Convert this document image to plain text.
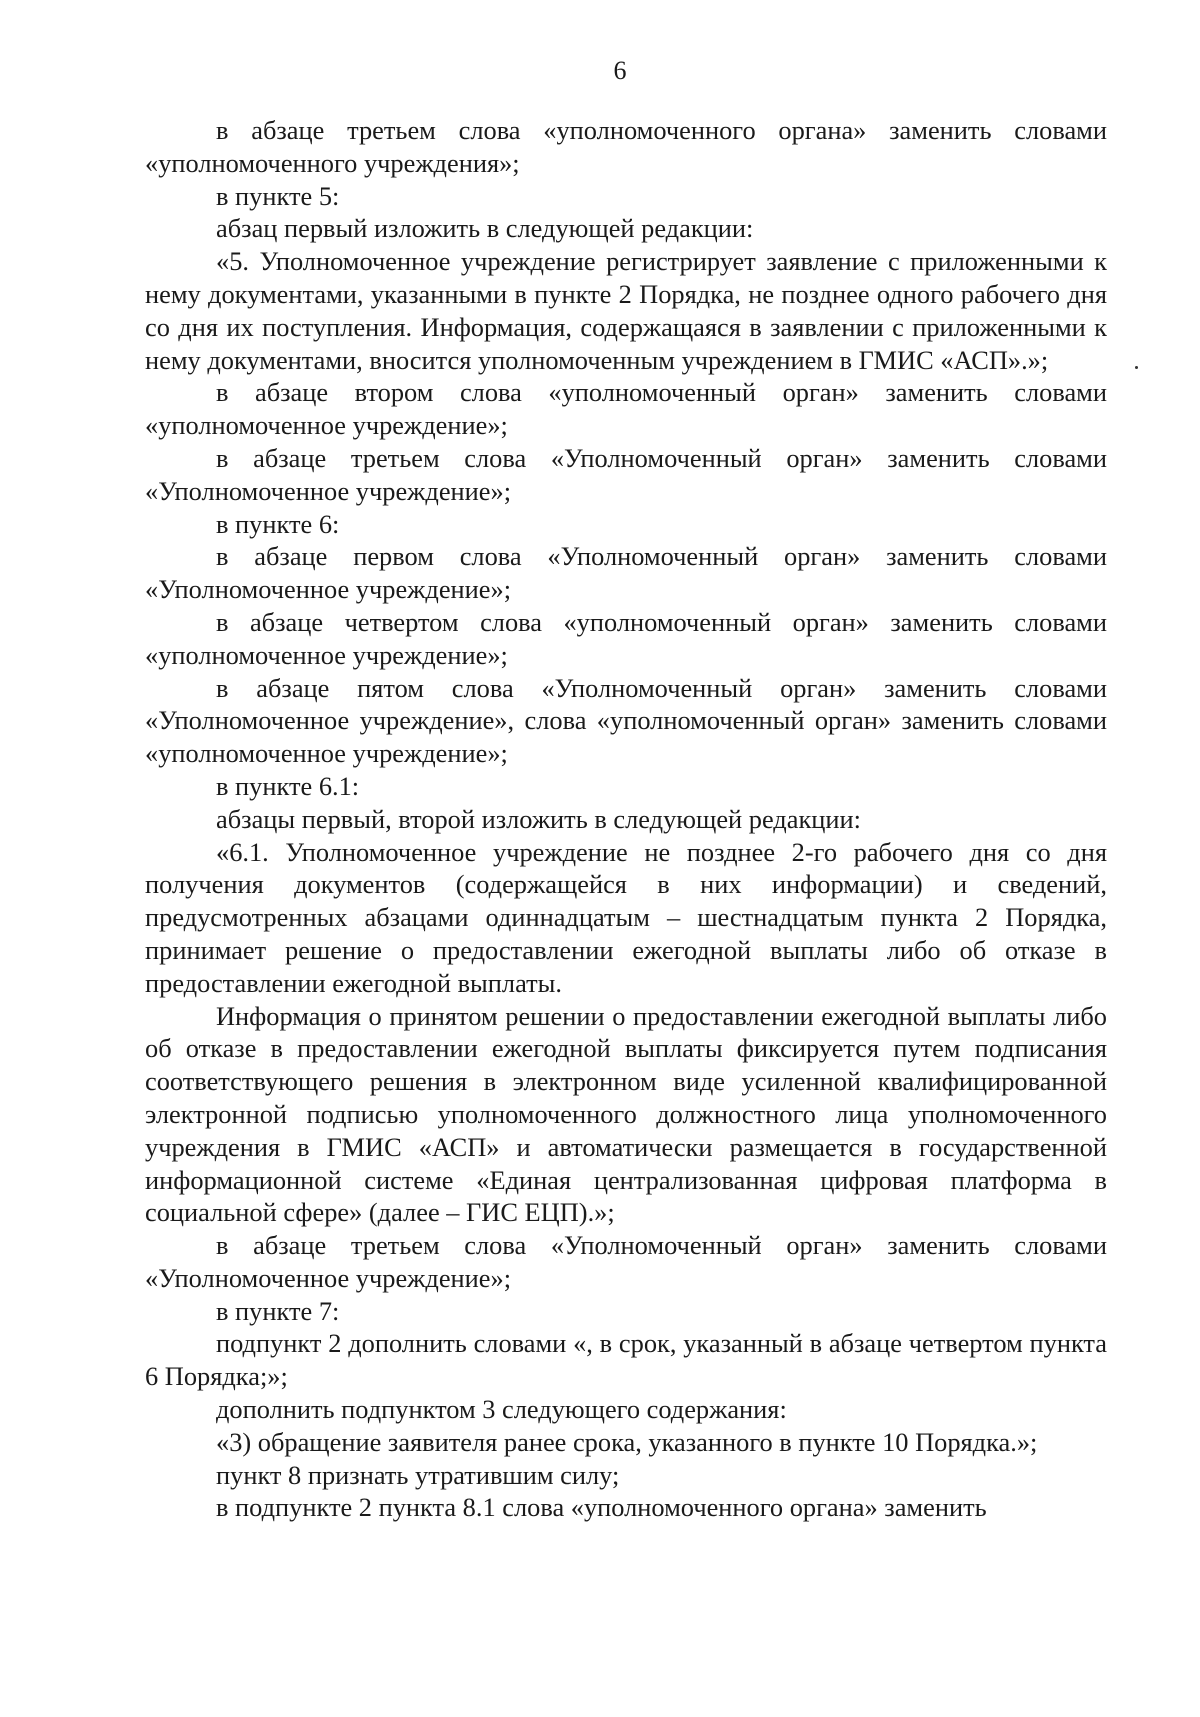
6

в абзаце третьем слова «уполномоченного органа» заменить словами «уполномоченного учреждения»;

в пункте 5:

абзац первый изложить в следующей редакции:

«5. Уполномоченное учреждение регистрирует заявление с приложенными к нему документами, указанными в пункте 2 Порядка, не позднее одного рабочего дня со дня их поступления. Информация, содержащаяся в заявлении с приложенными к нему документами, вносится уполномоченным учреждением в ГМИС «АСП».»;

в абзаце втором слова «уполномоченный орган» заменить словами «уполномоченное учреждение»;

в абзаце третьем слова «Уполномоченный орган» заменить словами «Уполномоченное учреждение»;

в пункте 6:

в абзаце первом слова «Уполномоченный орган» заменить словами «Уполномоченное учреждение»;

в абзаце четвертом слова «уполномоченный орган» заменить словами «уполномоченное учреждение»;

в абзаце пятом слова «Уполномоченный орган» заменить словами «Уполномоченное учреждение», слова «уполномоченный орган» заменить словами «уполномоченное учреждение»;

в пункте 6.1:

абзацы первый, второй изложить в следующей редакции:

«6.1. Уполномоченное учреждение не позднее 2-го рабочего дня со дня получения документов (содержащейся в них информации) и сведений, предусмотренных абзацами одиннадцатым – шестнадцатым пункта 2 Порядка, принимает решение о предоставлении ежегодной выплаты либо об отказе в предоставлении ежегодной выплаты.

Информация о принятом решении о предоставлении ежегодной выплаты либо об отказе в предоставлении ежегодной выплаты фиксируется путем подписания соответствующего решения в электронном виде усиленной квалифицированной электронной подписью уполномоченного должностного лица уполномоченного учреждения в ГМИС «АСП» и автоматически размещается в государственной информационной системе «Единая централизованная цифровая платформа в социальной сфере» (далее – ГИС ЕЦП).»;

в абзаце третьем слова «Уполномоченный орган» заменить словами «Уполномоченное учреждение»;

в пункте 7:

подпункт 2 дополнить словами «, в срок, указанный в абзаце четвертом пункта 6 Порядка;»;

дополнить подпунктом 3 следующего содержания:

«3) обращение заявителя ранее срока, указанного в пункте 10 Порядка.»;

пункт 8 признать утратившим силу;

в подпункте 2 пункта 8.1 слова «уполномоченного органа» заменить
